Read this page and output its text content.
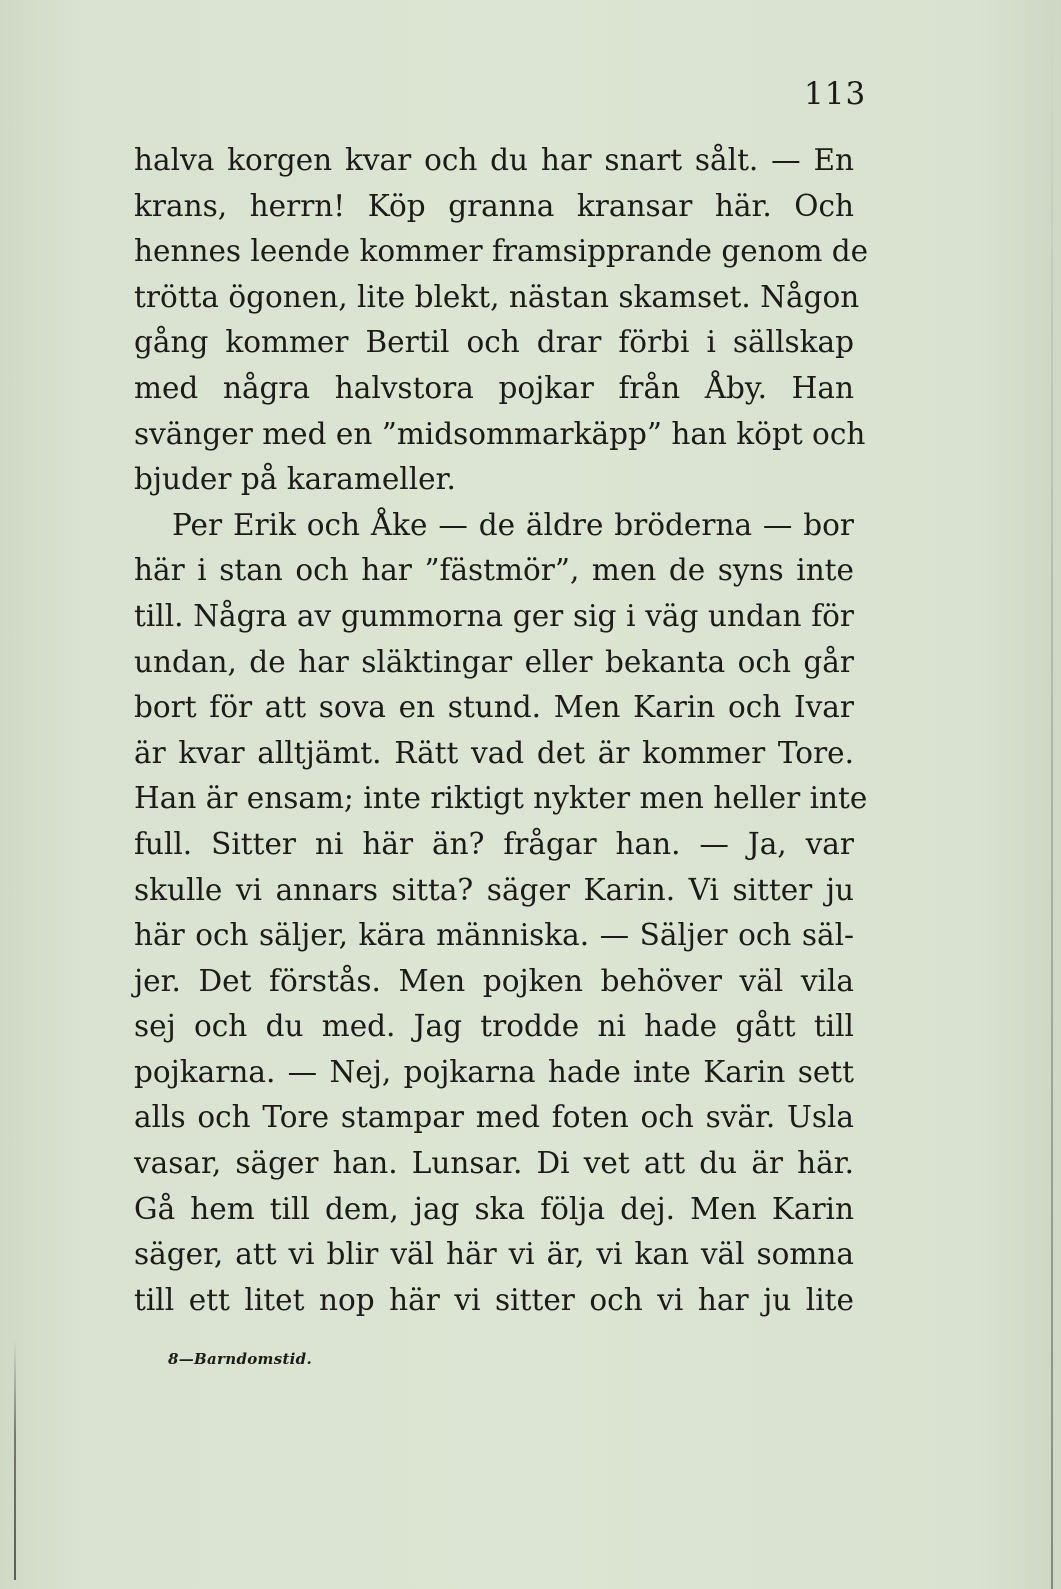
113
halva korgen kvar och du har snart sålt. — En
krans, herrn! Köp granna kransar här. Och
hennes leende kommer framsipprande genom de
trötta ögonen, lite blekt, nästan skamset. Någon
gång kommer Bertil och drar förbi i sällskap
med några halvstora pojkar från Åby. Han
svänger med en ”midsommarkäpp” han köpt och
bjuder på karameller.
Per Erik och Åke — de äldre bröderna — bor
här i stan och har ”fästmör”, men de syns inte
till. Några av gummorna ger sig i väg undan för
undan, de har släktingar eller bekanta och går
bort för att sova en stund. Men Karin och Ivar
är kvar alltjämt. Rätt vad det är kommer Tore.
Han är ensam; inte riktigt nykter men heller inte
full. Sitter ni här än? frågar han. — Ja, var
skulle vi annars sitta? säger Karin. Vi sitter ju
här och säljer, kära människa. — Säljer och säl-
jer. Det förstås. Men pojken behöver väl vila
sej och du med. Jag trodde ni hade gått till
pojkarna. — Nej, pojkarna hade inte Karin sett
alls och Tore stampar med foten och svär. Usla
vasar, säger han. Lunsar. Di vet att du är här.
Gå hem till dem, jag ska följa dej. Men Karin
säger, att vi blir väl här vi är, vi kan väl somna
till ett litet nop här vi sitter och vi har ju lite
8—Barndomstid.
